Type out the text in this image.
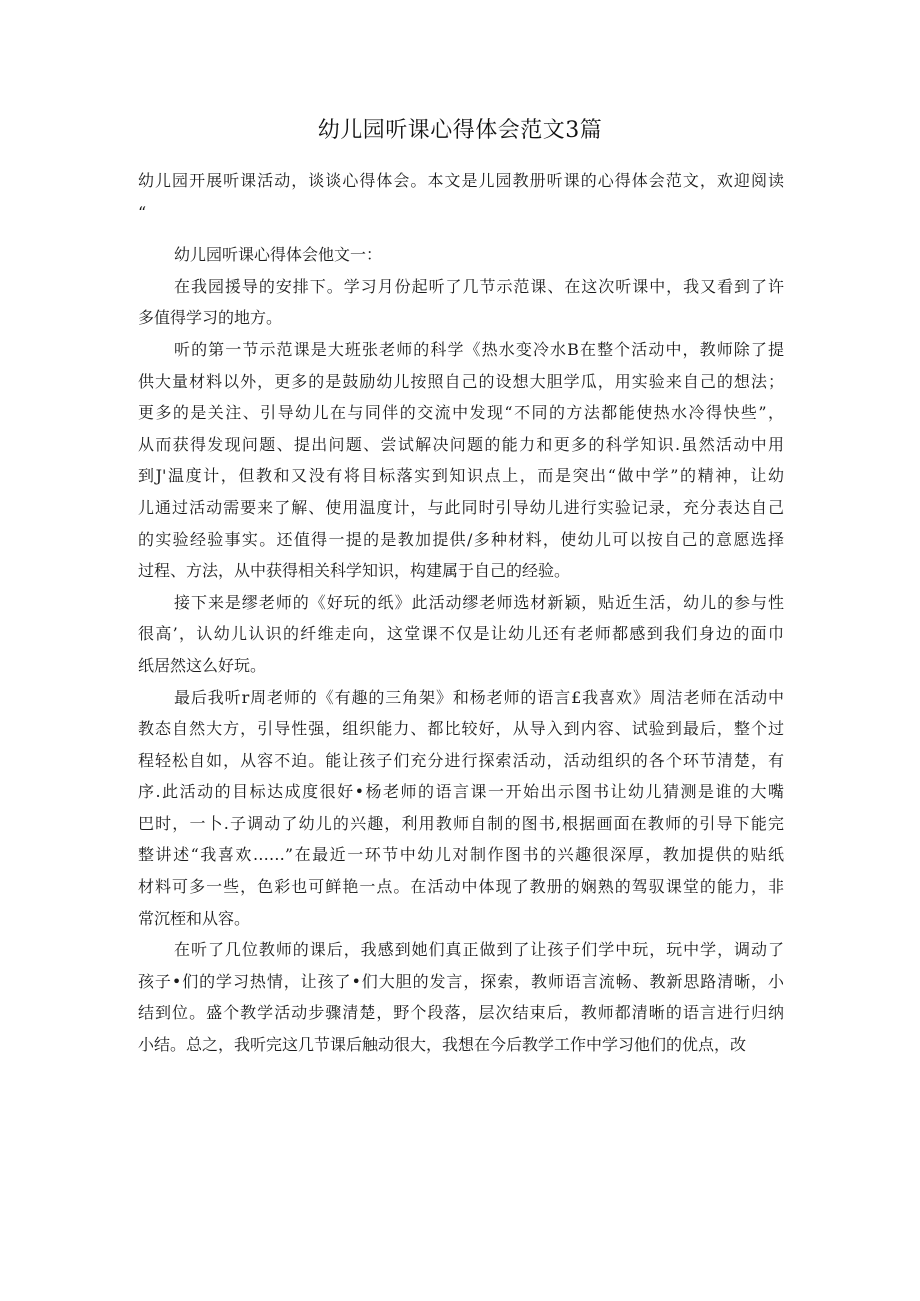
幼儿园听课心得体会范文3篇
幼儿园开展听课活动，谈谈心得体会。本文是儿园教册听课的心得体会范文，欢迎阅读
“
幼儿园听课心得体会他文一：
在我园援导的安排下。学习月份起听了几节示范课、在这次听课中，我又看到了许
多值得学习的地方。
听的第一节示范课是大班张老师的科学《热水变冷水B在整个活动中，教师除了提
供大量材料以外，更多的是鼓励幼儿按照自己的设想大胆学瓜，用实验来自己的想法；
更多的是关注、引导幼儿在与同伴的交流中发现“不同的方法都能使热水冷得快些”，
从而获得发现问题、提出问题、尝试解决问题的能力和更多的科学知识.虽然活动中用
到J'温度计，但教和又没有将目标落实到知识点上，而是突出“做中学”的精神，让幼
儿通过活动需要来了解、使用温度计，与此同时引导幼儿进行实验记录，充分表达自己
的实验经验事实。还值得一提的是教加提供/多种材料，使幼儿可以按自己的意愿选择
过程、方法，从中获得相关科学知识，构建属于自己的经验。
接下来是缪老师的《好玩的纸》此活动缪老师选材新颖，贴近生活，幼儿的参与性
很高’，认幼儿认识的纤维走向，这堂课不仅是让幼儿还有老师都感到我们身边的面巾
纸居然这么好玩。
最后我听r周老师的《有趣的三角架》和杨老师的语言£我喜欢》周洁老师在活动中
教态自然大方，引导性强，组织能力、都比较好，从导入到内容、试验到最后，整个过
程轻松自如，从容不迫。能让孩子们充分进行探索活动，活动组织的各个环节清楚，有
序.此活动的目标达成度很好•杨老师的语言课一开始出示图书让幼儿猜测是谁的大嘴
巴时，一卜.子调动了幼儿的兴趣，利用教师自制的图书,根据画面在教师的引导下能完
整讲述“我喜欢……”在最近一环节中幼儿对制作图书的兴趣很深厚，教加提供的贴纸
材料可多一些，色彩也可鲜艳一点。在活动中体现了教册的娴熟的驾驭课堂的能力，非
常沉桎和从容。
在听了几位教师的课后，我感到她们真正做到了让孩子们学中玩，玩中学，调动了
孩子•们的学习热情，让孩了•们大胆的发言，探索，教师语言流畅、教新思路清晰，小
结到位。盛个教学活动步骤清楚，野个段落，层次结束后，教师都清晰的语言进行归纳
小结。总之，我听完这几节课后触动很大，我想在今后教学工作中学习他们的优点，改
